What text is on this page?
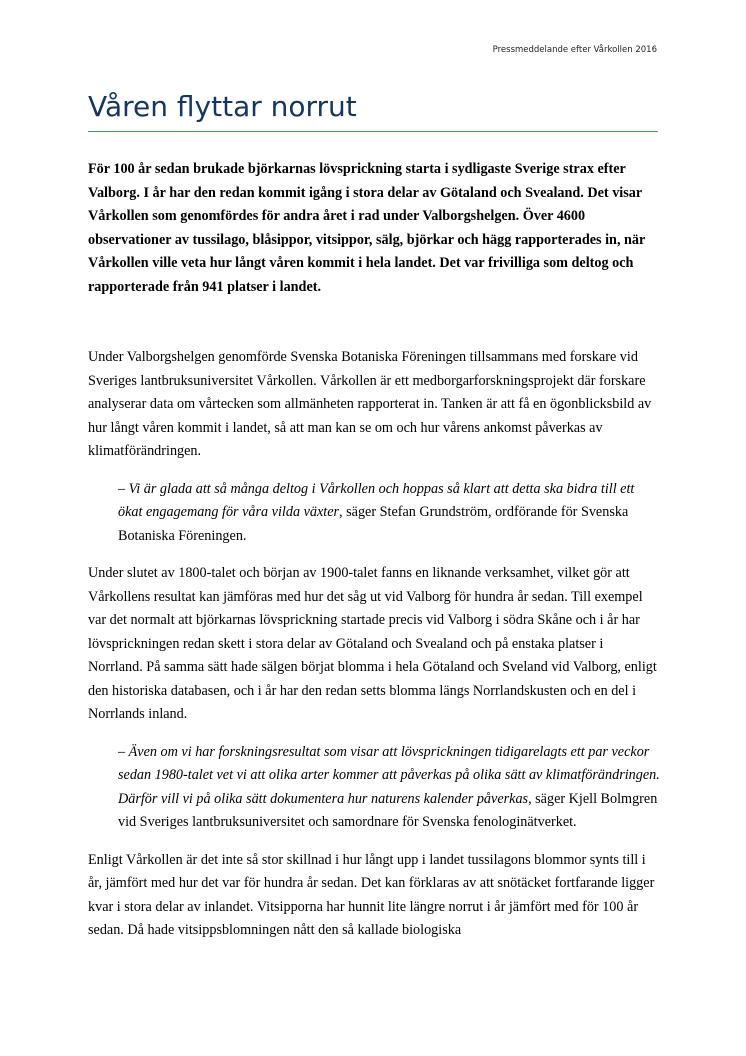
Pressmeddelande efter Vårkollen 2016
Våren flyttar norrut

För 100 år sedan brukade björkarnas lövsprickning starta i sydligaste Sverige strax efter Valborg. I år har den redan kommit igång i stora delar av Götaland och Svealand. Det visar Vårkollen som genomfördes för andra året i rad under Valborgshelgen. Över 4600 observationer av tussilago, blåsippor, vitsippor, sälg, björkar och hägg rapporterades in, när Vårkollen ville veta hur långt våren kommit i hela landet. Det var frivilliga som deltog och rapporterade från 941 platser i landet.

Under Valborgshelgen genomförde Svenska Botaniska Föreningen tillsammans med forskare vid Sveriges lantbruksuniversitet Vårkollen. Vårkollen är ett medborgarforskningsprojekt där forskare analyserar data om vårtecken som allmänheten rapporterat in. Tanken är att få en ögonblicksbild av hur långt våren kommit i landet, så att man kan se om och hur vårens ankomst påverkas av klimatförändringen.

– Vi är glada att så många deltog i Vårkollen och hoppas så klart att detta ska bidra till ett ökat engagemang för våra vilda växter, säger Stefan Grundström, ordförande för Svenska Botaniska Föreningen.

Under slutet av 1800-talet och början av 1900-talet fanns en liknande verksamhet, vilket gör att Vårkollens resultat kan jämföras med hur det såg ut vid Valborg för hundra år sedan. Till exempel var det normalt att björkarnas lövsprickning startade precis vid Valborg i södra Skåne och i år har lövsprickningen redan skett i stora delar av Götaland och Svealand och på enstaka platser i Norrland. På samma sätt hade sälgen börjat blomma i hela Götaland och Sveland vid Valborg, enligt den historiska databasen, och i år har den redan setts blomma längs Norrlandskusten och en del i Norrlands inland.

– Även om vi har forskningsresultat som visar att lövsprickningen tidigarelagts ett par veckor sedan 1980-talet vet vi att olika arter kommer att påverkas på olika sätt av klimatförändringen. Därför vill vi på olika sätt dokumentera hur naturens kalender påverkas, säger Kjell Bolmgren vid Sveriges lantbruksuniversitet och samordnare för Svenska fenologinätverket.

Enligt Vårkollen är det inte så stor skillnad i hur långt upp i landet tussilagons blommor synts till i år, jämfört med hur det var för hundra år sedan. Det kan förklaras av att snötäcket fortfarande ligger kvar i stora delar av inlandet. Vitsipporna har hunnit lite längre norrut i år jämfört med för 100 år sedan. Då hade vitsippsblomningen nått den så kallade biologiska
